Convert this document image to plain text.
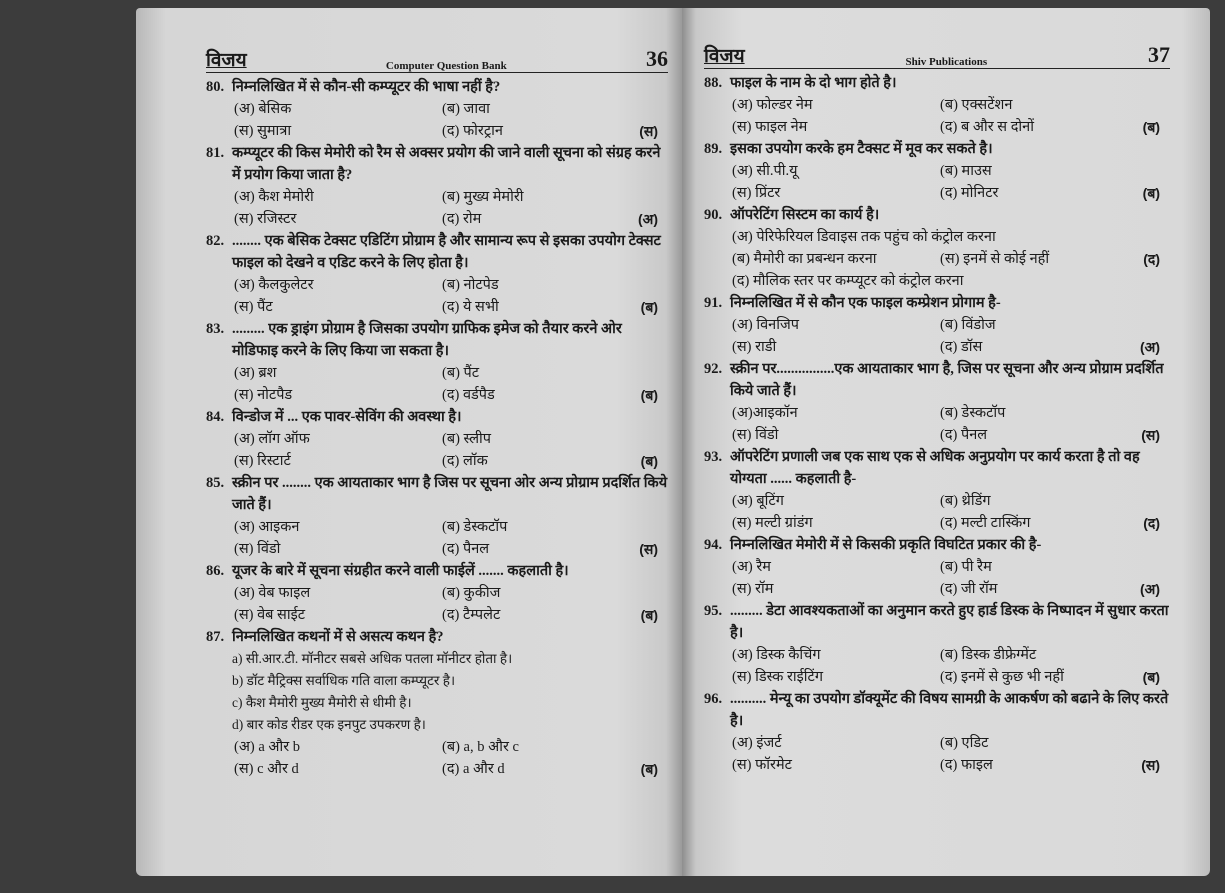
विजय	Computer Question Bank	36
80. निम्नलिखित में से कौन-सी कम्प्यूटर की भाषा नहीं है?
(अ) बेसिक	(ब) जावा
(स) सुमात्रा	(द) फोरट्रान	(स)
81. कम्प्यूटर की किस मेमोरी को रैम से अक्सर प्रयोग की जाने वाली सूचना को संग्रह करने में प्रयोग किया जाता है?
(अ) कैश मेमोरी	(ब) मुख्य मेमोरी
(स) रजिस्टर	(द) रोम	(अ)
82. ........ एक बेसिक टेक्सट एडिटिंग प्रोग्राम है और सामान्य रूप से इसका उपयोग टेक्सट फाइल को देखने व एडिट करने के लिए होता है।
(अ) कैलकुलेटर	(ब) नोटपेड
(स) पैंट	(द) ये सभी	(ब)
83. ......... एक ड्राइंग प्रोग्राम है जिसका उपयोग ग्राफिक इमेज को तैयार करने ओर मोडिफाइ करने के लिए किया जा सकता है।
(अ) ब्रश	(ब) पैंट
(स) नोटपैड	(द) वर्डपैड	(ब)
84. विन्डोज में ... एक पावर-सेविंग की अवस्था है।
(अ) लॉग ऑफ	(ब) स्लीप
(स) रिस्टार्ट	(द) लॉक	(ब)
85. स्क्रीन पर ........ एक आयताकार भाग है जिस पर सूचना ओर अन्य प्रोग्राम प्रदर्शित किये जाते हैं।
(अ) आइकन	(ब) डेस्कटॉप
(स) विंडो	(द) पैनल	(स)
86. यूजर के बारे में सूचना संग्रहीत करने वाली फाईलें ....... कहलाती है।
(अ) वेब फाइल	(ब) कुकीज
(स) वेब साईट	(द) टैम्पलेट	(ब)
87. निम्नलिखित कथनों में से असत्य कथन है?
a) सी.आर.टी. मॉनीटर सबसे अधिक पतला मॉनीटर होता है।
b) डॉट मैट्रिक्स सर्वाधिक गति वाला कम्प्यूटर है।
c) कैश मैमोरी मुख्य मैमोरी से धीमी है।
d) बार कोड रीडर एक इनपुट उपकरण है।
(अ) a और b	(ब) a, b और c
(स) c और d	(द) a और d	(ब)
विजय	Shiv Publications	37
88. फाइल के नाम के दो भाग होते है।
(अ) फोल्डर नेम	(ब) एक्सटेंशन
(स) फाइल नेम	(द) ब और स दोनों	(ब)
89. इसका उपयोग करके हम टैक्सट में मूव कर सकते है।
(अ) सी.पी.यू	(ब) माउस
(स) प्रिंटर	(द) मोनिटर	(ब)
90. ऑपरेटिंग सिस्टम का कार्य है।
(अ) पेरिफेरियल डिवाइस तक पहुंच को कंट्रोल करना
(ब) मैमोरी का प्रबन्धन करना	(स) इनमें से कोई नहीं	(द)
(द) मौलिक स्तर पर कम्प्यूटर को कंट्रोल करना
91. निम्नलिखित में से कौन एक फाइल कम्प्रेशन प्रोगाम है-
(अ) विनजिप	(ब) विंडोज
(स) राडी	(द) डॉस	(अ)
92. स्क्रीन पर................एक आयताकार भाग है, जिस पर सूचना और अन्य प्रोग्राम प्रदर्शित किये जाते हैं।
(अ)आइकॉन	(ब) डेस्कटॉप
(स) विंडो	(द) पैनल	(स)
93. ऑपरेटिंग प्रणाली जब एक साथ एक से अधिक अनुप्रयोग पर कार्य करता है तो वह योग्यता ...... कहलाती है-
(अ) बूटिंग	(ब) थ्रेडिंग
(स) मल्टी ग्रांडंग	(द) मल्टी टास्किंग	(द)
94. निम्नलिखित मेमोरी में से किसकी प्रकृति विघटित प्रकार की है-
(अ) रैम	(ब) पी रैम
(स) रॉम	(द) जी रॉम	(अ)
95. ......... डेटा आवश्यकताओं का अनुमान करते हुए हार्ड डिस्क के निष्पादन में सुधार करता है।
(अ) डिस्क कैचिंग	(ब) डिस्क डीफ्रेग्मेंट
(स) डिस्क राईटिंग	(द) इनमें से कुछ भी नहीं	(ब)
96. .......... मेन्यू का उपयोग डॉक्यूमेंट की विषय सामग्री के आकर्षण को बढाने के लिए करते है।
(अ) इंजर्ट	(ब) एडिट
(स) फॉरमेट	(द) फाइल	(स)
